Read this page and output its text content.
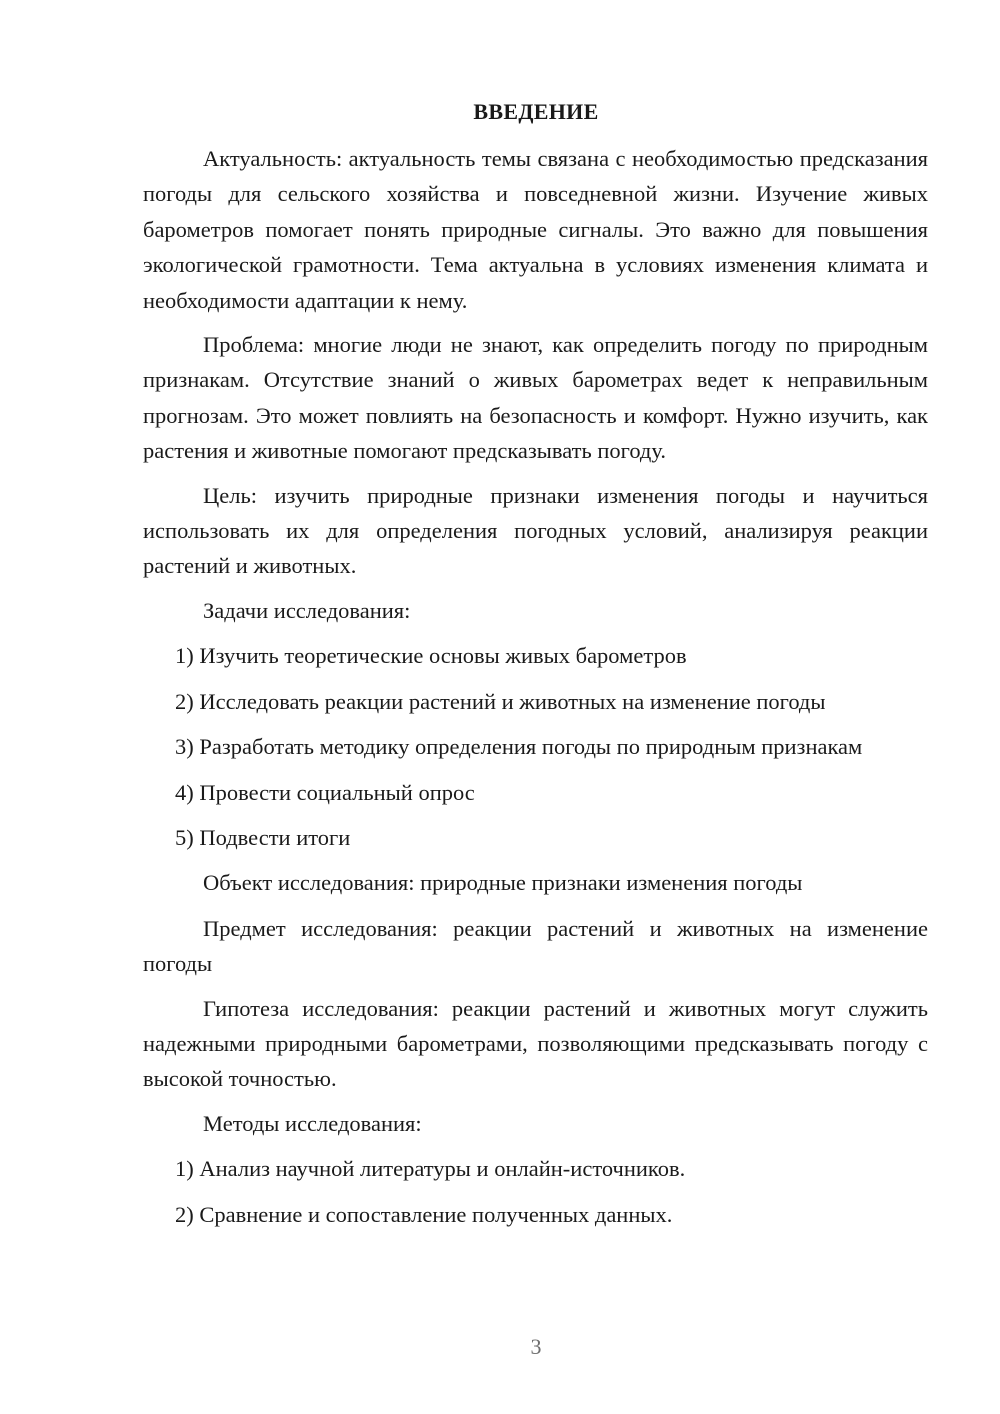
ВВЕДЕНИЕ

Актуальность: актуальность темы связана с необходимостью предсказания погоды для сельского хозяйства и повседневной жизни. Изучение живых барометров помогает понять природные сигналы. Это важно для повышения экологической грамотности. Тема актуальна в условиях изменения климата и необходимости адаптации к нему.

Проблема: многие люди не знают, как определить погоду по природным признакам. Отсутствие знаний о живых барометрах ведет к неправильным прогнозам. Это может повлиять на безопасность и комфорт. Нужно изучить, как растения и животные помогают предсказывать погоду.

Цель: изучить природные признаки изменения погоды и научиться использовать их для определения погодных условий, анализируя реакции растений и животных.

Задачи исследования:

1) Изучить теоретические основы живых барометров

2) Исследовать реакции растений и животных на изменение погоды

3) Разработать методику определения погоды по природным признакам

4) Провести социальный опрос

5) Подвести итоги

Объект исследования: природные признаки изменения погоды

Предмет исследования: реакции растений и животных на изменение погоды

Гипотеза исследования: реакции растений и животных могут служить надежными природными барометрами, позволяющими предсказывать погоду с высокой точностью.

Методы исследования:

1) Анализ научной литературы и онлайн-источников.

2) Сравнение и сопоставление полученных данных.

3
